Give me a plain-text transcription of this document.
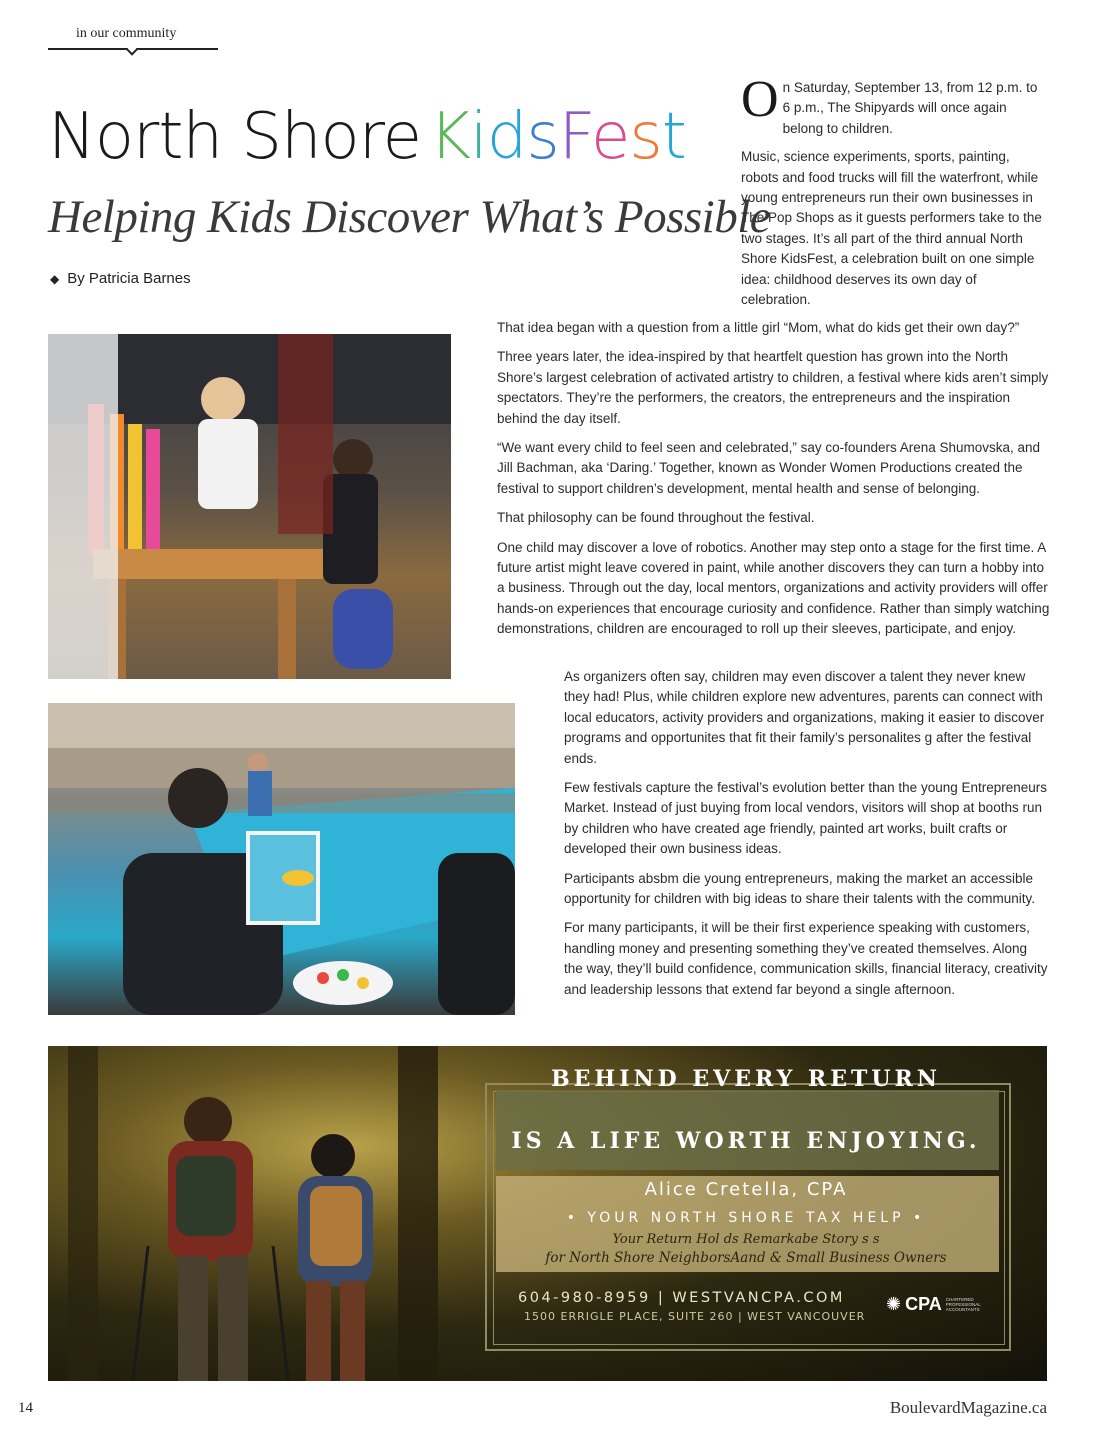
in our community
North Shore KidsFest
Helping Kids Discover What’s Possible
◆ By Patricia Barnes

On Saturday, September 13, from 12 p.m. to 6 p.m., The Shipyards will once again belong to children.

Music, science experiments, sports, painting, robots and food trucks will fill the waterfront, while young entrepreneurs run their own businesses in The Pop Shops as it guests performers take to the two stages. It’s all part of the third annual North Shore KidsFest, a celebration built on one simple idea: childhood deserves its own day of celebration.

That idea began with a question from a little girl “Mom, what do kids get their own day?”

Three years later, the idea-inspired by that heartfelt question has grown into the North Shore’s largest celebration of activated artistry to children, a festival where kids aren’t simply spectators. They’re the performers, the creators, the entrepreneurs and the inspiration behind the day itself.

“We want every child to feel seen and celebrated,” say co-founders Arena Shumovska, and Jill Bachman, aka ‘Daring.’ Together, known as Wonder Women Productions created the festival to support children’s development, mental health and sense of belonging.

That philosophy can be found throughout the festival.

One child may discover a love of robotics. Another may step onto a stage for the first time. A future artist might leave covered in paint, while another discovers they can turn a hobby into a business. Through out the day, local mentors, organizations and activity providers will offer hands-on experiences that encourage curiosity and confidence. Rather than simply watching demonstrations, children are encouraged to roll up their sleeves, participate, and enjoy.

As organizers often say, children may even discover a talent they never knew they had! Plus, while children explore new adventures, parents can connect with local educators, activity providers and organizations, making it easier to discover programs and opportunites that fit their family’s personalites g after the festival ends.

Few festivals capture the festival’s evolution better than the young Entrepreneurs Market. Instead of just buying from local vendors, visitors will shop at booths run by children who have created age friendly, painted art works, built crafts or developed their own business ideas.

Participants absbm die young entrepreneurs, making the market an accessible opportunity for children with big ideas to share their talents with the community.

For many participants, it will be their first experience speaking with customers, handling money and presenting something they’ve created themselves. Along the way, they’ll build confidence, communication skills, financial literacy, creativity and leadership lessons that extend far beyond a single afternoon.

BEHIND EVERY RETURN
IS A LIFE WORTH ENJOYING.
Alice Cretella, CPA
• YOUR NORTH SHORE TAX HELP •
Your Return Hol ds Remarkabe Story s s
for North Shore NeighborsAand & Small Business Owners
604-980-8959 | WESTVANCPA.COM
1500 ERRIGLE PLACE, SUITE 260 | WEST VANCOUVER
✺ CPA CHARTERED PROFESSIONAL ACCOUNTANTS
14	BoulevardMagazine.ca
